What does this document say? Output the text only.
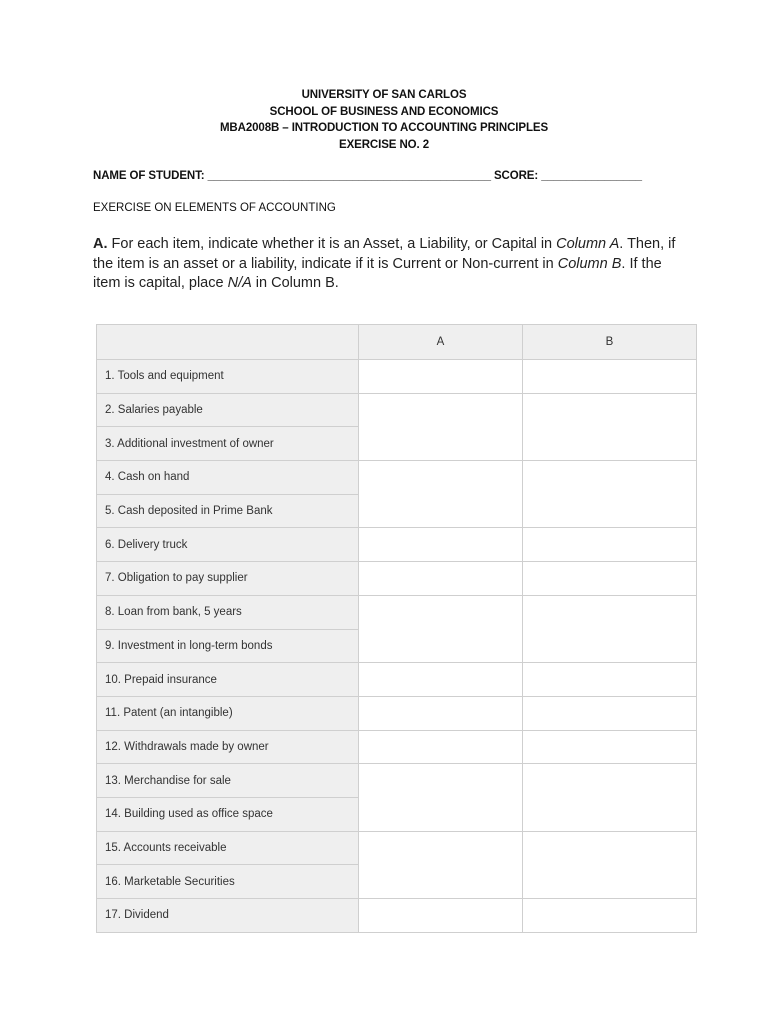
UNIVERSITY OF SAN CARLOS
SCHOOL OF BUSINESS AND ECONOMICS
MBA2008B – INTRODUCTION TO ACCOUNTING PRINCIPLES
EXERCISE NO. 2
NAME OF STUDENT: _____________________________________________ SCORE: ________________
EXERCISE ON ELEMENTS OF ACCOUNTING
A. For each item, indicate whether it is an Asset, a Liability, or Capital in Column A. Then, if the item is an asset or a liability, indicate if it is Current or Non-current in Column B. If the item is capital, place N/A in Column B.
	A	B
1. Tools and equipment		
2. Salaries payable		
3. Additional investment of owner		
4. Cash on hand		
5. Cash deposited in Prime Bank		
6. Delivery truck		
7. Obligation to pay supplier		
8. Loan from bank, 5 years		
9. Investment in long-term bonds		
10. Prepaid insurance		
11. Patent (an intangible)		
12. Withdrawals made by owner		
13. Merchandise for sale		
14. Building used as office space		
15. Accounts receivable		
16. Marketable Securities		
17. Dividend		
